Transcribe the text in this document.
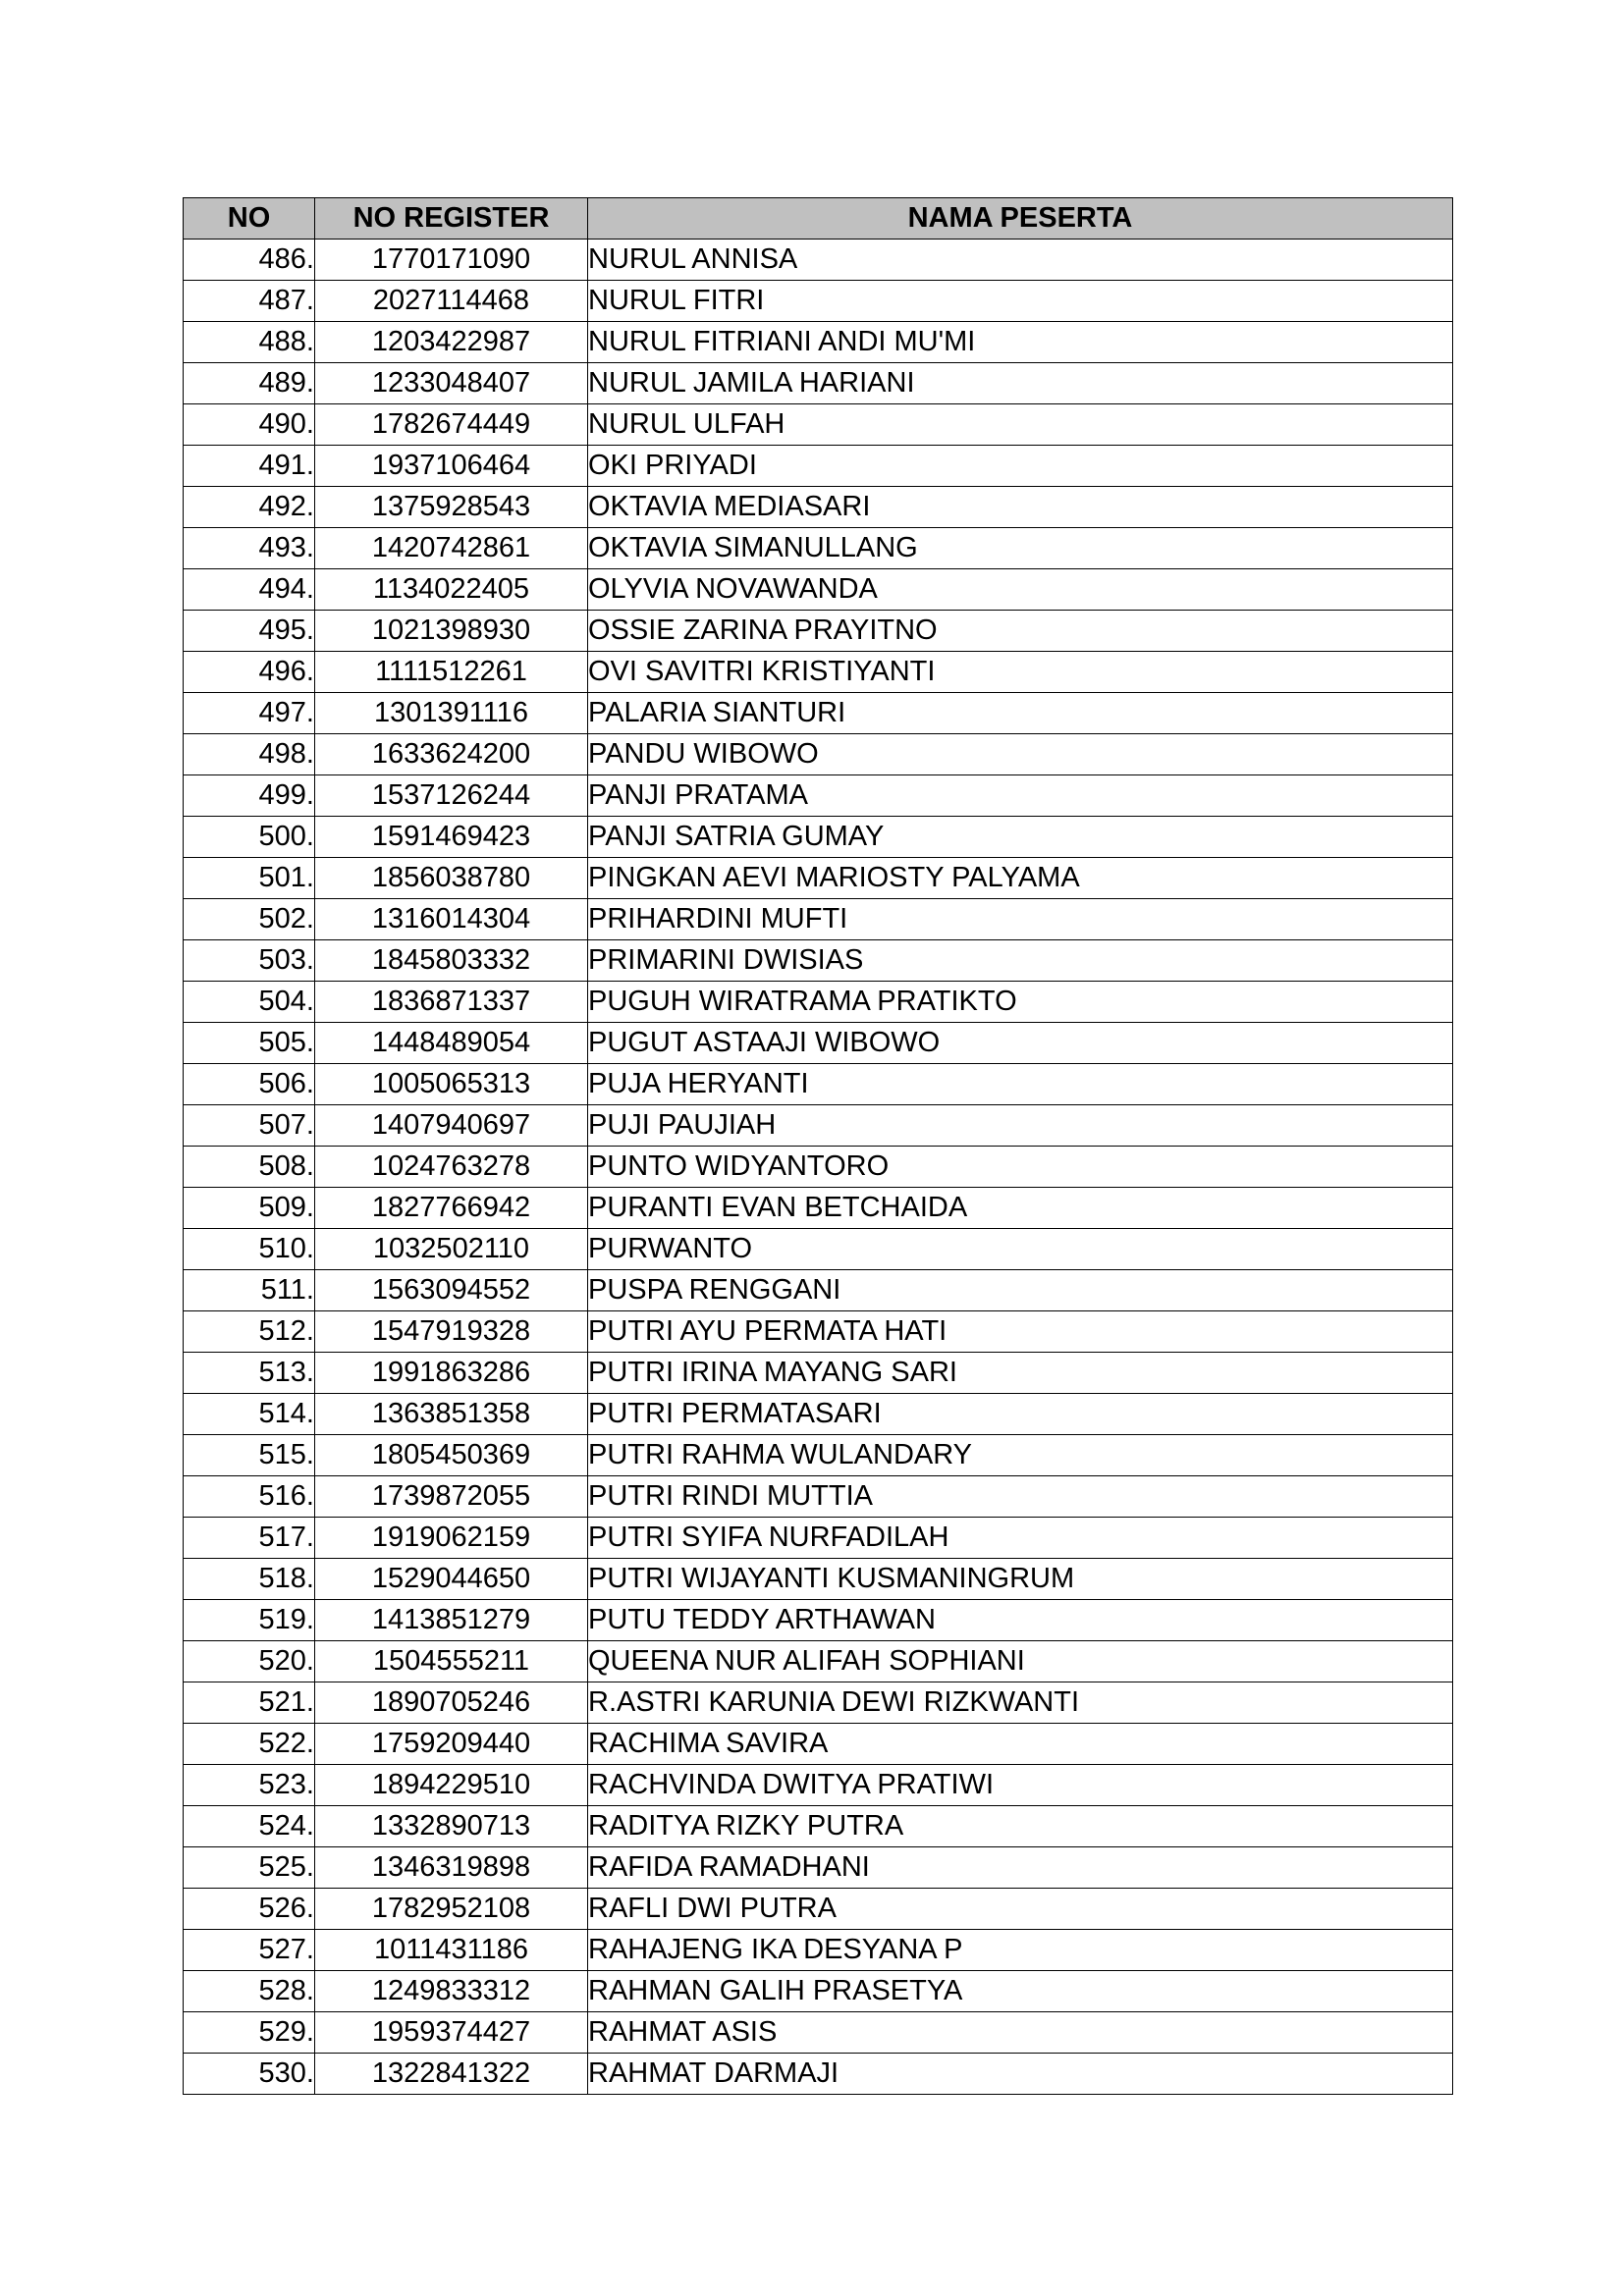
NO	NO REGISTER	NAMA PESERTA
486.	1770171090	NURUL ANNISA
487.	2027114468	NURUL FITRI
488.	1203422987	NURUL FITRIANI ANDI MU'MI
489.	1233048407	NURUL JAMILA HARIANI
490.	1782674449	NURUL ULFAH
491.	1937106464	OKI PRIYADI
492.	1375928543	OKTAVIA MEDIASARI
493.	1420742861	OKTAVIA SIMANULLANG
494.	1134022405	OLYVIA NOVAWANDA
495.	1021398930	OSSIE ZARINA PRAYITNO
496.	1111512261	OVI SAVITRI KRISTIYANTI
497.	1301391116	PALARIA SIANTURI
498.	1633624200	PANDU WIBOWO
499.	1537126244	PANJI PRATAMA
500.	1591469423	PANJI SATRIA GUMAY
501.	1856038780	PINGKAN AEVI MARIOSTY PALYAMA
502.	1316014304	PRIHARDINI MUFTI
503.	1845803332	PRIMARINI DWISIAS
504.	1836871337	PUGUH WIRATRAMA PRATIKTO
505.	1448489054	PUGUT ASTAAJI WIBOWO
506.	1005065313	PUJA HERYANTI
507.	1407940697	PUJI PAUJIAH
508.	1024763278	PUNTO WIDYANTORO
509.	1827766942	PURANTI EVAN BETCHAIDA
510.	1032502110	PURWANTO
511.	1563094552	PUSPA RENGGANI
512.	1547919328	PUTRI AYU PERMATA HATI
513.	1991863286	PUTRI IRINA MAYANG SARI
514.	1363851358	PUTRI PERMATASARI
515.	1805450369	PUTRI RAHMA WULANDARY
516.	1739872055	PUTRI RINDI MUTTIA
517.	1919062159	PUTRI SYIFA NURFADILAH
518.	1529044650	PUTRI WIJAYANTI KUSMANINGRUM
519.	1413851279	PUTU TEDDY ARTHAWAN
520.	1504555211	QUEENA NUR ALIFAH SOPHIANI
521.	1890705246	R.ASTRI KARUNIA DEWI RIZKWANTI
522.	1759209440	RACHIMA SAVIRA
523.	1894229510	RACHVINDA DWITYA PRATIWI
524.	1332890713	RADITYA RIZKY PUTRA
525.	1346319898	RAFIDA RAMADHANI
526.	1782952108	RAFLI DWI PUTRA
527.	1011431186	RAHAJENG IKA DESYANA P
528.	1249833312	RAHMAN GALIH PRASETYA
529.	1959374427	RAHMAT ASIS
530.	1322841322	RAHMAT DARMAJI
